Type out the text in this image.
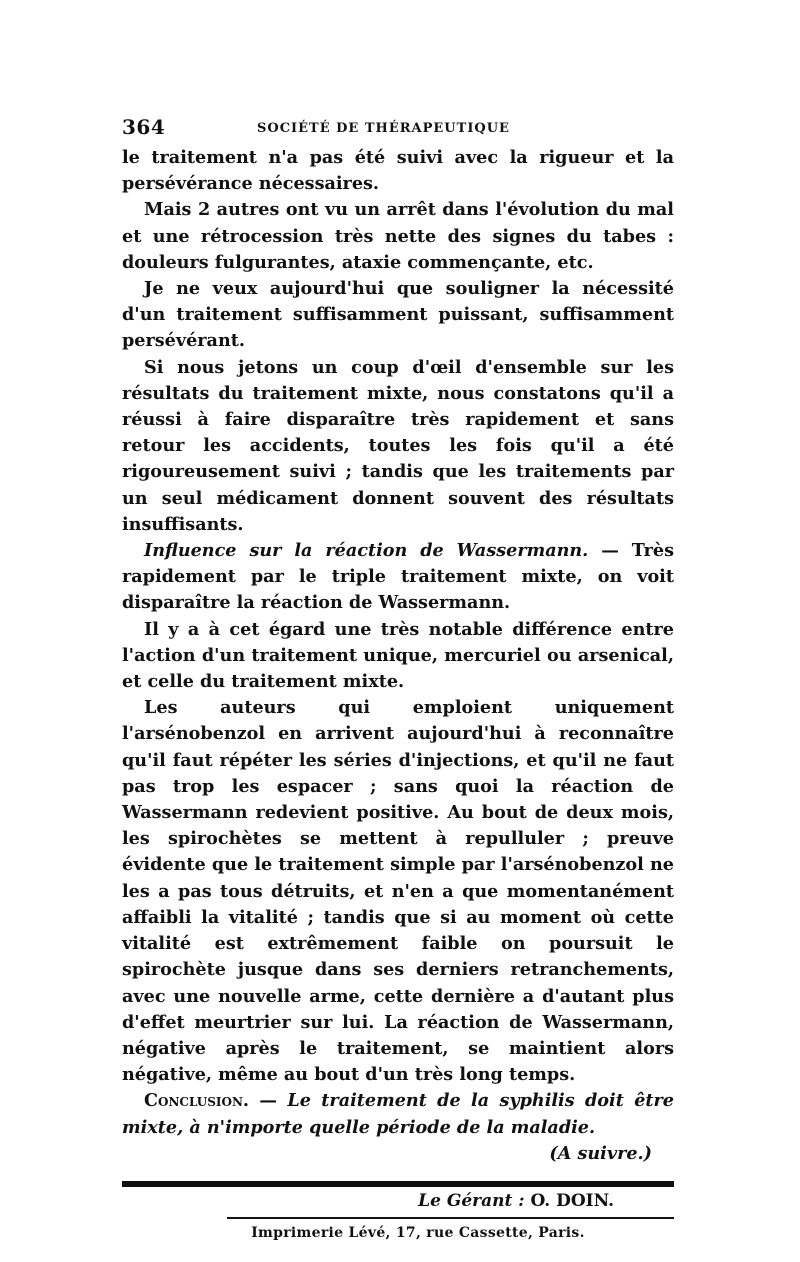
364	SOCIÉTÉ DE THÉRAPEUTIQUE

le traitement n'a pas été suivi avec la rigueur et la persévérance nécessaires.

Mais 2 autres ont vu un arrêt dans l'évolution du mal et une rétrocession très nette des signes du tabes : douleurs fulgurantes, ataxie commençante, etc.

Je ne veux aujourd'hui que souligner la nécessité d'un traitement suffisamment puissant, suffisamment persévérant.

Si nous jetons un coup d'œil d'ensemble sur les résultats du traitement mixte, nous constatons qu'il a réussi à faire disparaître très rapidement et sans retour les accidents, toutes les fois qu'il a été rigoureusement suivi ; tandis que les traitements par un seul médicament donnent souvent des résultats insuffisants.

Influence sur la réaction de Wassermann. — Très rapidement par le triple traitement mixte, on voit disparaître la réaction de Wassermann.

Il y a à cet égard une très notable différence entre l'action d'un traitement unique, mercuriel ou arsenical, et celle du traitement mixte.

Les auteurs qui emploient uniquement l'arsénobenzol en arrivent aujourd'hui à reconnaître qu'il faut répéter les séries d'injections, et qu'il ne faut pas trop les espacer ; sans quoi la réaction de Wassermann redevient positive. Au bout de deux mois, les spirochètes se mettent à repulluler ; preuve évidente que le traitement simple par l'arsénobenzol ne les a pas tous détruits, et n'en a que momentanément affaibli la vitalité ; tandis que si au moment où cette vitalité est extrêmement faible on poursuit le spirochète jusque dans ses derniers retranchements, avec une nouvelle arme, cette dernière a d'autant plus d'effet meurtrier sur lui. La réaction de Wassermann, négative après le traitement, se maintient alors négative, même au bout d'un très long temps.

Conclusion. — Le traitement de la syphilis doit être mixte, à n'importe quelle période de la maladie.

(A suivre.)

Le Gérant : O. DOIN.
Imprimerie Lévé, 17, rue Cassette, Paris.
